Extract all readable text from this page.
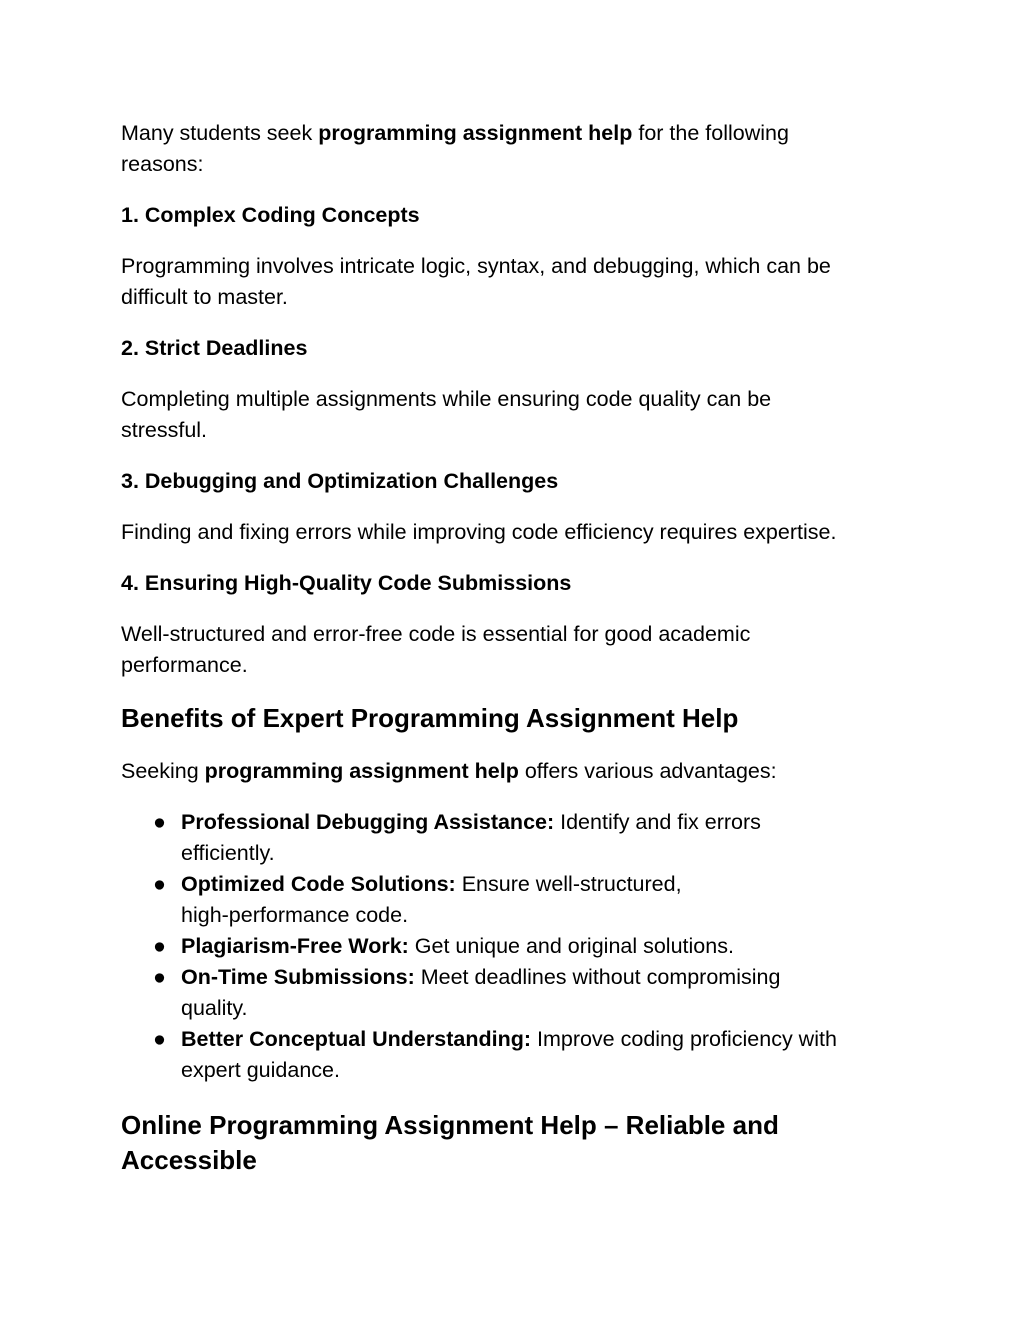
Many students seek programming assignment help for the following
reasons:

1. Complex Coding Concepts

Programming involves intricate logic, syntax, and debugging, which can be
difficult to master.

2. Strict Deadlines

Completing multiple assignments while ensuring code quality can be
stressful.

3. Debugging and Optimization Challenges

Finding and fixing errors while improving code efficiency requires expertise.

4. Ensuring High-Quality Code Submissions

Well-structured and error-free code is essential for good academic
performance.

Benefits of Expert Programming Assignment Help

Seeking programming assignment help offers various advantages:

● Professional Debugging Assistance: Identify and fix errors
efficiently.
● Optimized Code Solutions: Ensure well-structured,
high-performance code.
● Plagiarism-Free Work: Get unique and original solutions.
● On-Time Submissions: Meet deadlines without compromising
quality.
● Better Conceptual Understanding: Improve coding proficiency with
expert guidance.
Online Programming Assignment Help – Reliable and
Accessible
